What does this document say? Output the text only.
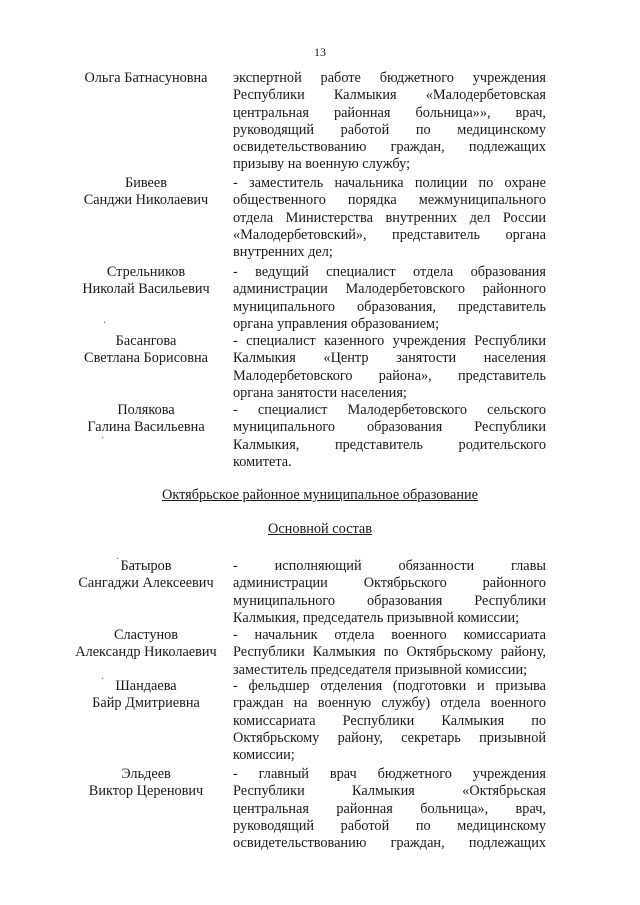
13
Ольга Батнасуновна	экспертной работе бюджетного учреждения
Республики Калмыкия «Малодербетовская
центральная районная больница»», врач,
руководящий работой по медицинскому
освидетельствованию граждан, подлежащих
призыву на военную службу;
Бивеев
Санджи Николаевич
- заместитель начальника полиции по охране
общественного порядка межмуниципального
отдела Министерства внутренних дел России
«Малодербетовский», представитель органа
внутренних дел;
Стрельников
Николай Васильевич
- ведущий специалист отдела образования
администрации Малодербетовского районного
муниципального образования, представитель
органа управления образованием;
·
Басангова
Светлана Борисовна
- специалист казенного учреждения Республики
Калмыкия «Центр занятости населения
Малодербетовского района», представитель
органа занятости населения;
Полякова
Галина Васильевна
- специалист Малодербетовского сельского
муниципального образования Республики
Калмыкия, представитель родительского
комитета.
·
Октябрьское районное муниципальное образование
Основной состав
· Батыров
Сангаджи Алексеевич
- исполняющий обязанности главы
администрации Октябрьского районного
муниципального образования Республики
Калмыкия, председатель призывной комиссии;
Сластунов
Александр Николаевич
- начальник отдела военного комиссариата
Республики Калмыкия по Октябрьскому району,
заместитель председателя призывной комиссии;
· Шандаева
Байр Дмитриевна
- фельдшер отделения (подготовки и призыва
граждан на военную службу) отдела военного
комиссариата Республики Калмыкия по
Октябрьскому району, секретарь призывной
комиссии;
Эльдеев
Виктор Церенович
- главный врач бюджетного учреждения
Республики Калмыкия «Октябрьская
центральная районная больница», врач,
руководящий работой по медицинскому
освидетельствованию граждан, подлежащих
